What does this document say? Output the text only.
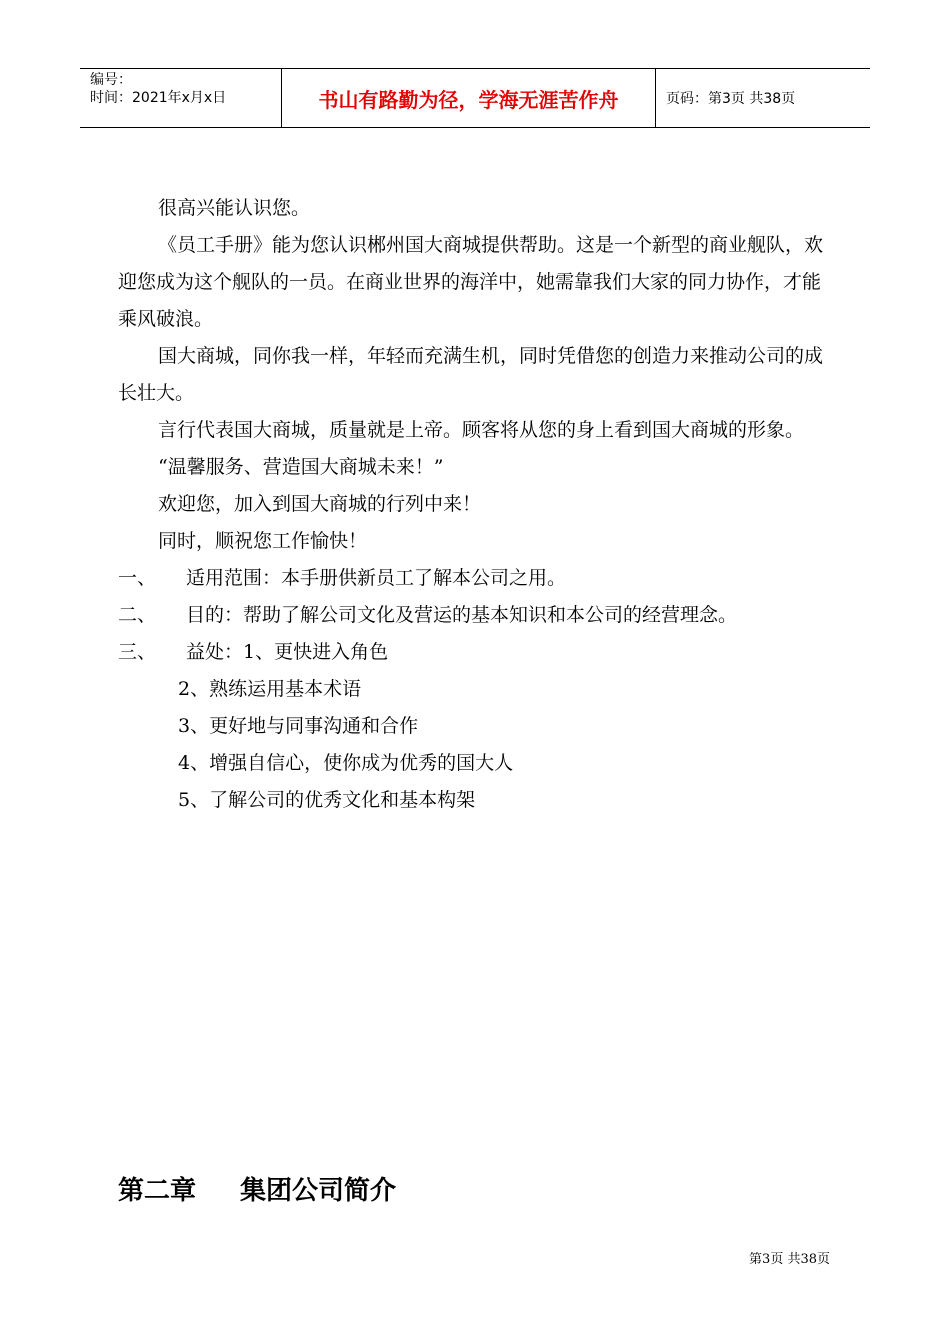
编号：
时间：2021年x月x日	书山有路勤为径，学海无涯苦作舟	页码：第3页 共38页

很高兴能认识您。

《员工手册》能为您认识郴州国大商城提供帮助。这是一个新型的商业舰队，欢迎您成为这个舰队的一员。在商业世界的海洋中，她需靠我们大家的同力协作，才能乘风破浪。

国大商城，同你我一样，年轻而充满生机，同时凭借您的创造力来推动公司的成长壮大。

言行代表国大商城，质量就是上帝。顾客将从您的身上看到国大商城的形象。

“温馨服务、营造国大商城未来！”

欢迎您，加入到国大商城的行列中来！

同时，顺祝您工作愉快！

一、	适用范围：本手册供新员工了解本公司之用。
二、	目的：帮助了解公司文化及营运的基本知识和本公司的经营理念。
三、	益处：1、更快进入角色
2、熟练运用基本术语
3、更好地与同事沟通和合作
4、增强自信心，使你成为优秀的国大人
5、了解公司的优秀文化和基本构架
第二章 集团公司简介
第3页 共38页
